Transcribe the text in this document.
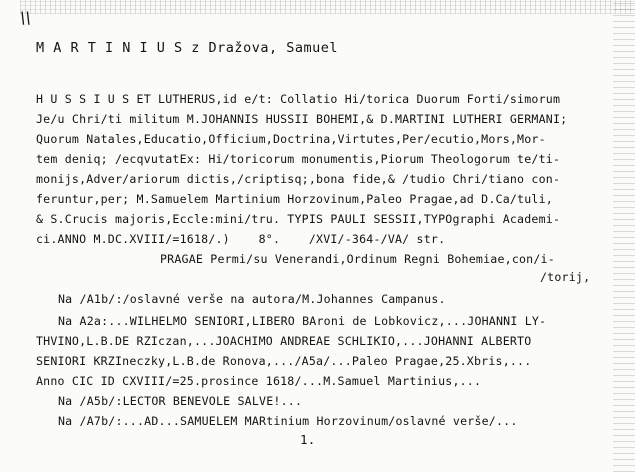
\\
M A R T I N I U S z Dražova, Samuel
H U S S I U S ET LUTHERUS,id e/t: Collatio Hi/torica Duorum Forti/simorum
Je/u Chri/ti militum M.JOHANNIS HUSSII BOHEMI,& D.MARTINI LUTHERI GERMANI;
Quorum Natales,Educatio,Officium,Doctrina,Virtutes,Per/ecutio,Mors,Mor-
tem deniq; /ecqvutatEx: Hi/toricorum monumentis,Piorum Theologorum te/ti-
monijs,Adver/ariorum dictis,/criptisq;,bona fide,& /tudio Chri/tiano con-
feruntur,per; M.Samuelem Martinium Horzovinum,Paleo Pragae,ad D.Ca/tuli,
& S.Crucis majoris,Eccle:mini/tru. TYPIS PAULI SESSII,TYPOgraphi Academi-
ci.ANNO M.DC.XVIII/=1618/.)    8°.    /XVI/-364-/VA/ str.
PRAGAE Permi/su Venerandi,Ordinum Regni Bohemiae,con/i-
/torij,
Na /A1b/:/oslavné verše na autora/M.Johannes Campanus.
Na A2a:...WILHELMO SENIORI,LIBERO BAroni de Lobkovicz,...JOHANNI LY-
THVINO,L.B.DE RZIczan,...JOACHIMO ANDREAE SCHLIKIO,...JOHANNI ALBERTO
SENIORI KRZIneczky,L.B.de Ronova,.../A5a/...Paleo Pragae,25.Xbris,...
Anno CIC ID CXVIII/=25.prosince 1618/...M.Samuel Martinius,...
Na /A5b/:LECTOR BENEVOLE SALVE!...
Na /A7b/:...AD...SAMUELEM MARtinium Horzovinum/oslavné verše/...
1.
